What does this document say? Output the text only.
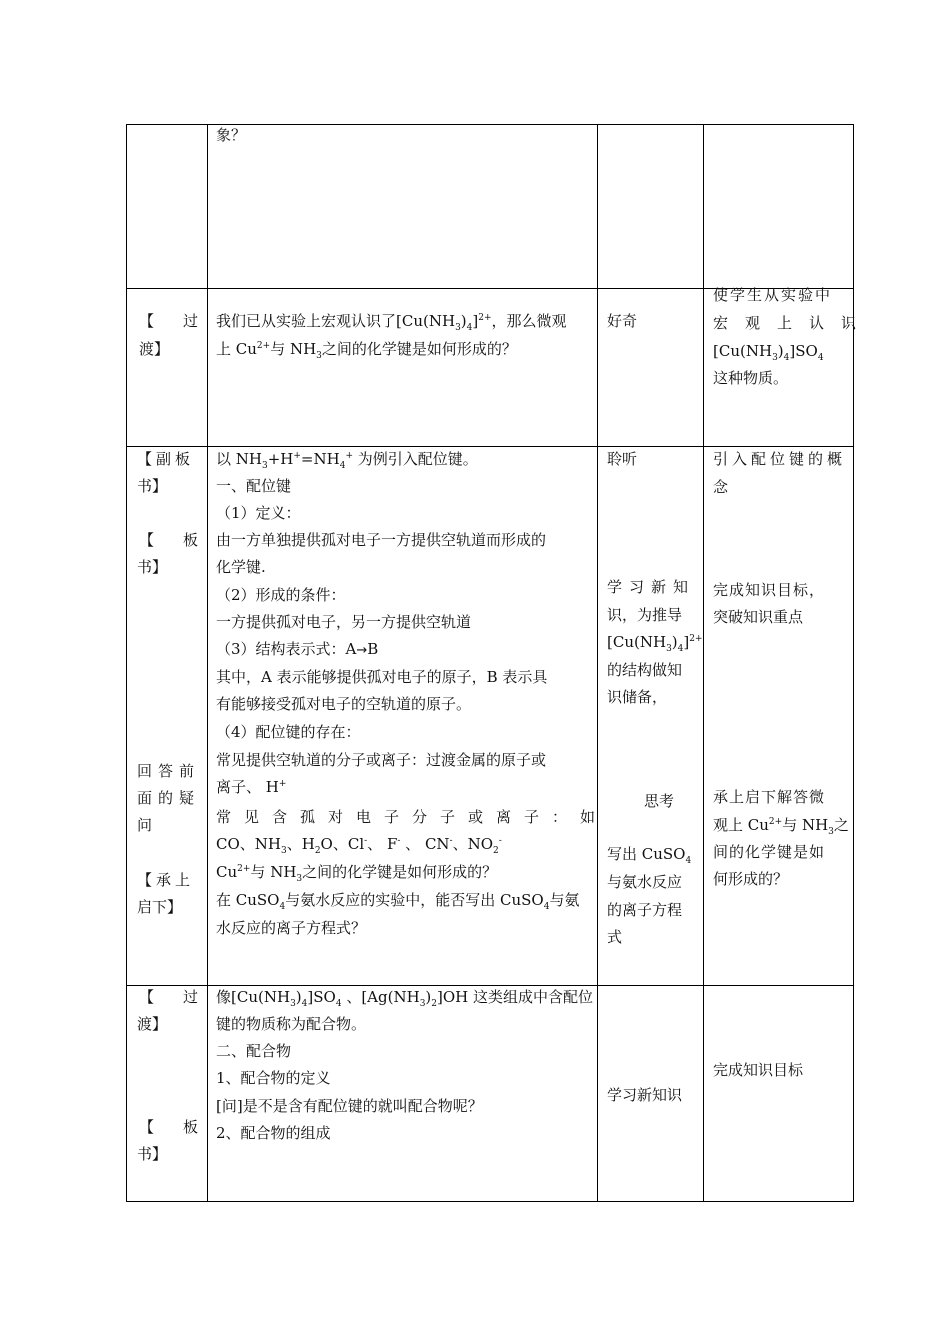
象？
【 过
渡】
我们已从实验上宏观认识了$[Cu(NH_3)_4]^{2+}$，那么微观
上 $Cu^{2+}$与 $NH_3$之间的化学键是如何形成的？
好奇
使学生从实验中
宏观上认识
$[Cu(NH_3)_4]SO_4$
这种物质。
【副板
书】
【 板
书】
回答前
面的疑
问
【承上
启下】
以 $NH_3+H^+=NH_4^+$ 为例引入配位键。
一、配位键
（1）定义：
由一方单独提供孤对电子一方提供空轨道而形成的
化学键.
（2）形成的条件：
一方提供孤对电子，另一方提供空轨道
（3）结构表示式：A→B
其中，A 表示能够提供孤对电子的原子，B 表示具
有能够接受孤对电子的空轨道的原子。
（4）配位键的存在：
常见提供空轨道的分子或离子：过渡金属的原子或
离子、 H+
常见含孤对电子分子或离子：如
CO、$NH_3$、$H_2O$、Cl-、 F- 、 CN-、$NO_2^-$
$Cu^{2+}$与 $NH_3$之间的化学键是如何形成的？
在 CuSO$_4$与氨水反应的实验中，能否写出 CuSO$_4$与氨
水反应的离子方程式？
聆听
学习新知
识，为推导
$[Cu(NH_3)_4]^{2+}$
的结构做知
识储备，
思考
写出 CuSO$_4$
与氨水反应
的离子方程
式
引入配位键的概
念
完成知识目标，
突破知识重点
承上启下解答微
观上 $Cu^{2+}$与 $NH_3$之
间的化学键是如
何形成的？
【 过
渡】
【 板
书】
像$[Cu(NH_3)_4]SO_4$ 、$[Ag(NH_3)_2]OH$ 这类组成中含配位
键的物质称为配合物。
二、配合物
1、配合物的定义
[问]是不是含有配位键的就叫配合物呢？
2、配合物的组成
学习新知识
完成知识目标
